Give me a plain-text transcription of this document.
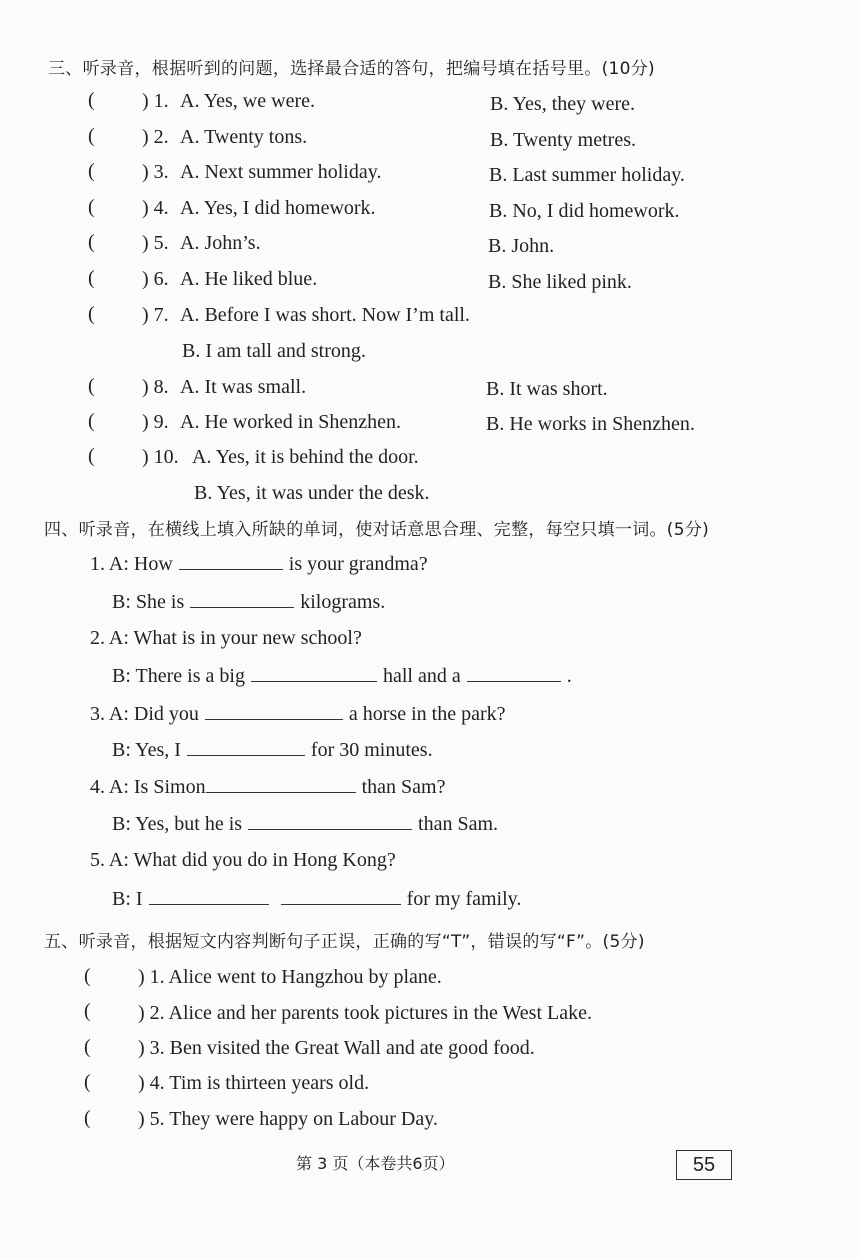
三、听录音，根据听到的问题，选择最合适的答句，把编号填在括号里。(10分)
( ) 1. A. Yes, we were.	B. Yes, they were.
( ) 2. A. Twenty tons.	B. Twenty metres.
( ) 3. A. Next summer holiday.	B. Last summer holiday.
( ) 4. A. Yes, I did homework.	B. No, I did homework.
( ) 5. A. John’s.	B. John.
( ) 6. A. He liked blue.	B. She liked pink.
( ) 7. A. Before I was short. Now I’m tall.
B. I am tall and strong.
( ) 8. A. It was small.	B. It was short.
( ) 9. A. He worked in Shenzhen.	B. He works in Shenzhen.
( ) 10. A. Yes, it is behind the door.
B. Yes, it was under the desk.
四、听录音，在横线上填入所缺的单词，使对话意思合理、完整，每空只填一词。(5分)
1. A: How	is your grandma?
B: She is	kilograms.
2. A: What is in your new school?
B: There is a big	hall and a	.
3. A: Did you	a horse in the park?
B: Yes, I	for 30 minutes.
4. A: Is Simon	than Sam?
B: Yes, but he is	than Sam.
5. A: What did you do in Hong Kong?
B: I	for my family.
五、听录音，根据短文内容判断句子正误，正确的写“T”，错误的写“F”。(5分)
( ) 1. Alice went to Hangzhou by plane.
( ) 2. Alice and her parents took pictures in the West Lake.
( ) 3. Ben visited the Great Wall and ate good food.
( ) 4. Tim is thirteen years old.
( ) 5. They were happy on Labour Day.
第 3 页（本卷共6页）	55
